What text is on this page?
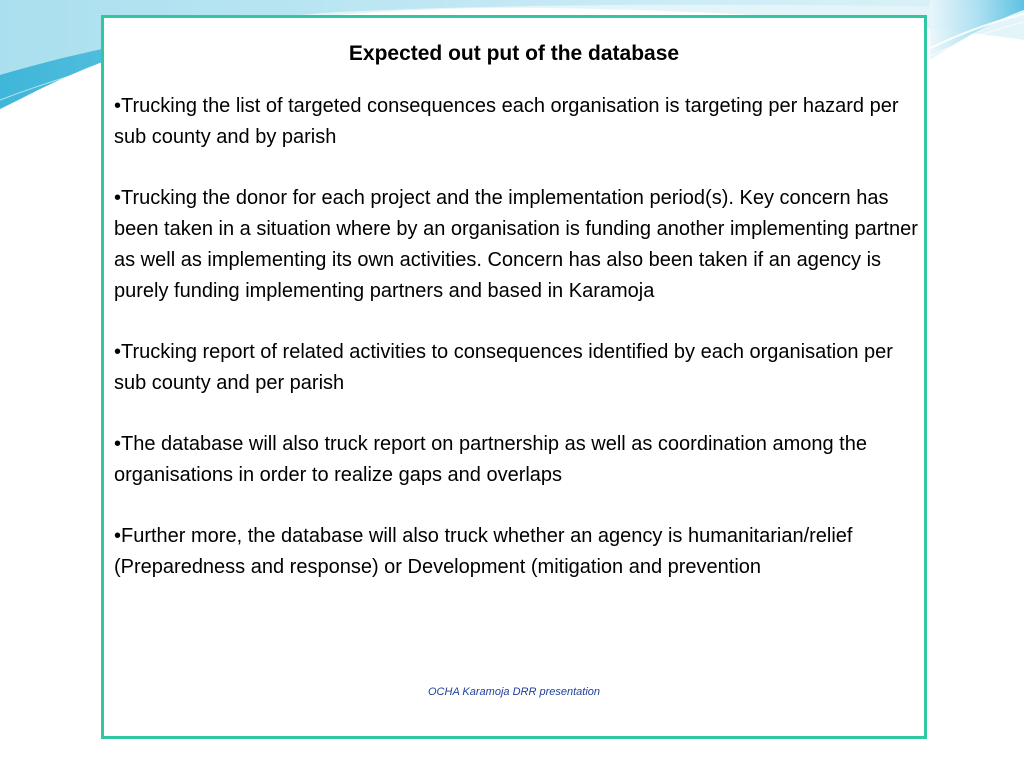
Expected out put of the database
•Trucking the list of targeted consequences each organisation is targeting per hazard per sub county and by parish
•Trucking the donor for each project and the implementation period(s). Key concern has been taken in a situation where by an organisation is funding another implementing partner as well as implementing its own activities. Concern has also been taken if an agency is purely funding implementing partners and based in Karamoja
•Trucking report of related activities to consequences identified by each organisation per sub county and per parish
•The database will also truck report on partnership as well as coordination among the organisations in order to realize gaps and overlaps
•Further more, the database will also truck whether an agency is humanitarian/relief (Preparedness and response) or Development (mitigation and prevention
OCHA Karamoja DRR presentation
